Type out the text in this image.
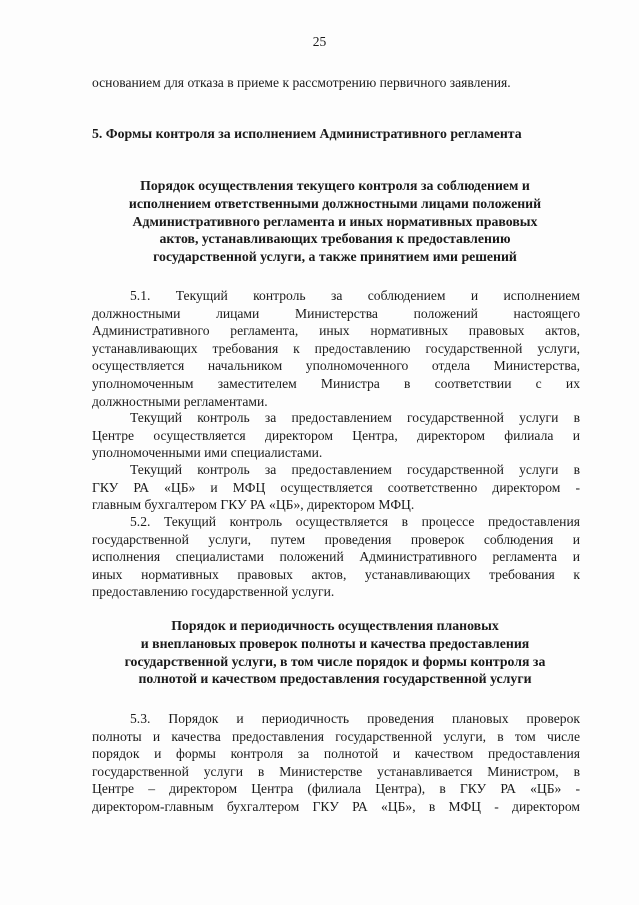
25
основанием для отказа в приеме к рассмотрению первичного заявления.
5. Формы контроля за исполнением Административного регламента
Порядок осуществления текущего контроля за соблюдением и
исполнением ответственными должностными лицами положений
Административного регламента и иных нормативных правовых
актов, устанавливающих требования к предоставлению
государственной услуги, а также принятием ими решений
5.1. Текущий контроль за соблюдением и исполнением
должностными лицами Министерства положений настоящего
Административного регламента, иных нормативных правовых актов,
устанавливающих требования к предоставлению государственной услуги,
осуществляется начальником уполномоченного отдела Министерства,
уполномоченным заместителем Министра в соответствии с их
должностными регламентами.
Текущий контроль за предоставлением государственной услуги в
Центре осуществляется директором Центра, директором филиала и
уполномоченными ими специалистами.
Текущий контроль за предоставлением государственной услуги в
ГКУ РА «ЦБ» и МФЦ осуществляется соответственно директором -
главным бухгалтером ГКУ РА «ЦБ», директором МФЦ.
5.2. Текущий контроль осуществляется в процессе предоставления
государственной услуги, путем проведения проверок соблюдения и
исполнения специалистами положений Административного регламента и
иных нормативных правовых актов, устанавливающих требования к
предоставлению государственной услуги.
Порядок и периодичность осуществления плановых
и внеплановых проверок полноты и качества предоставления
государственной услуги, в том числе порядок и формы контроля за
полнотой и качеством предоставления государственной услуги
5.3. Порядок и периодичность проведения плановых проверок
полноты и качества предоставления государственной услуги, в том числе
порядок и формы контроля за полнотой и качеством предоставления
государственной услуги в Министерстве устанавливается Министром, в
Центре – директором Центра (филиала Центра), в ГКУ РА «ЦБ» -
директором-главным бухгалтером ГКУ РА «ЦБ», в МФЦ - директором
